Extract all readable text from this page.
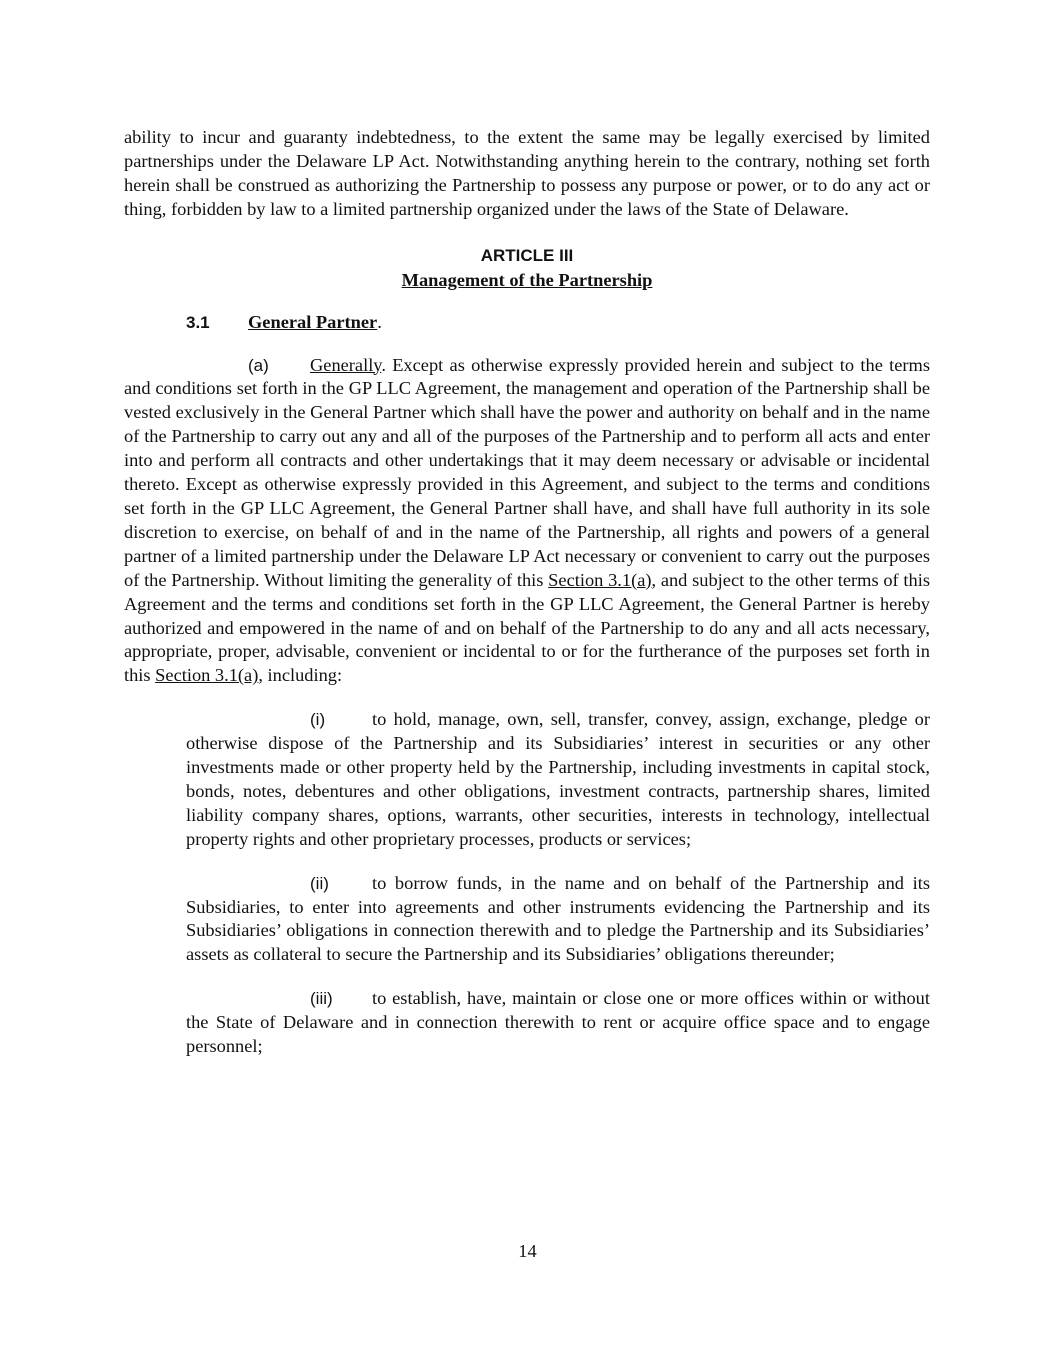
ability to incur and guaranty indebtedness, to the extent the same may be legally exercised by limited partnerships under the Delaware LP Act. Notwithstanding anything herein to the contrary, nothing set forth herein shall be construed as authorizing the Partnership to possess any purpose or power, or to do any act or thing, forbidden by law to a limited partnership organized under the laws of the State of Delaware.

ARTICLE III
Management of the Partnership
3.1 General Partner.

(a) Generally. Except as otherwise expressly provided herein and subject to the terms and conditions set forth in the GP LLC Agreement, the management and operation of the Partnership shall be vested exclusively in the General Partner which shall have the power and authority on behalf and in the name of the Partnership to carry out any and all of the purposes of the Partnership and to perform all acts and enter into and perform all contracts and other undertakings that it may deem necessary or advisable or incidental thereto. Except as otherwise expressly provided in this Agreement, and subject to the terms and conditions set forth in the GP LLC Agreement, the General Partner shall have, and shall have full authority in its sole discretion to exercise, on behalf of and in the name of the Partnership, all rights and powers of a general partner of a limited partnership under the Delaware LP Act necessary or convenient to carry out the purposes of the Partnership. Without limiting the generality of this Section 3.1(a), and subject to the other terms of this Agreement and the terms and conditions set forth in the GP LLC Agreement, the General Partner is hereby authorized and empowered in the name of and on behalf of the Partnership to do any and all acts necessary, appropriate, proper, advisable, convenient or incidental to or for the furtherance of the purposes set forth in this Section 3.1(a), including:

(i)	to hold, manage, own, sell, transfer, convey, assign, exchange, pledge or otherwise dispose of the Partnership and its Subsidiaries’ interest in securities or any other investments made or other property held by the Partnership, including investments in capital stock, bonds, notes, debentures and other obligations, investment contracts, partnership shares, limited liability company shares, options, warrants, other securities, interests in technology, intellectual property rights and other proprietary processes, products or services;

(ii) to borrow funds, in the name and on behalf of the Partnership and its Subsidiaries, to enter into agreements and other instruments evidencing the Partnership and its Subsidiaries’ obligations in connection therewith and to pledge the Partnership and its Subsidiaries’ assets as collateral to secure the Partnership and its Subsidiaries’ obligations thereunder;

(iii) to establish, have, maintain or close one or more offices within or without the State of Delaware and in connection therewith to rent or acquire office space and to engage personnel;

14
